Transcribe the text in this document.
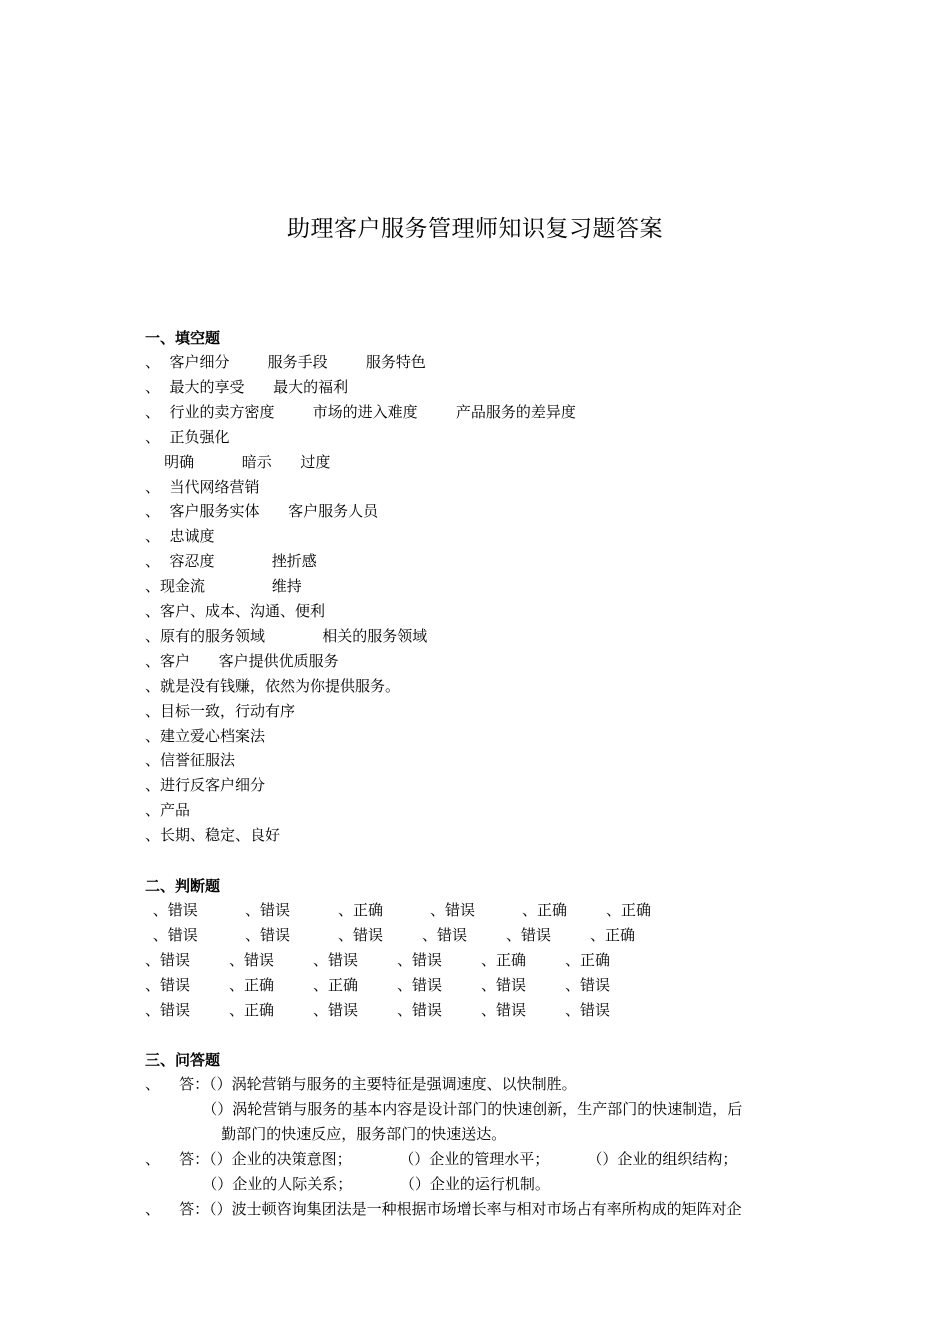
助理客户服务管理师知识复习题答案
一、填空题
、  客户细分        服务手段        服务特色
、  最大的享受      最大的福利
、  行业的卖方密度        市场的进入难度        产品服务的差异度
、  正负强化
明确          暗示      过度
、  当代网络营销
、  客户服务实体      客户服务人员
、  忠诚度
、  容忍度            挫折感
、现金流              维持
、客户、成本、沟通、便利
、原有的服务领域            相关的服务领域
、客户      客户提供优质服务
、就是没有钱赚，依然为你提供服务。
、目标一致，行动有序
、建立爱心档案法
、信誉征服法
、进行反客户细分
、产品
、长期、稳定、良好
二、判断题
、错误	、错误	、正确	、错误	、正确	、正确
、错误	、错误	、错误	、错误	、错误	、正确
、错误	、错误	、错误	、错误	、正确	、正确
、错误	、正确	、正确	、错误	、错误	、错误
、错误	、正确	、错误	、错误	、错误	、错误
三、问答题
、    答：（）涡轮营销与服务的主要特征是强调速度、以快制胜。
（）涡轮营销与服务的基本内容是设计部门的快速创新，生产部门的快速制造，后
勤部门的快速反应，服务部门的快速送达。
、    答：（）企业的决策意图；          （）企业的管理水平；        （）企业的组织结构；
（）企业的人际关系；          （）企业的运行机制。
、    答：（）波士顿咨询集团法是一种根据市场增长率与相对市场占有率所构成的矩阵对企
